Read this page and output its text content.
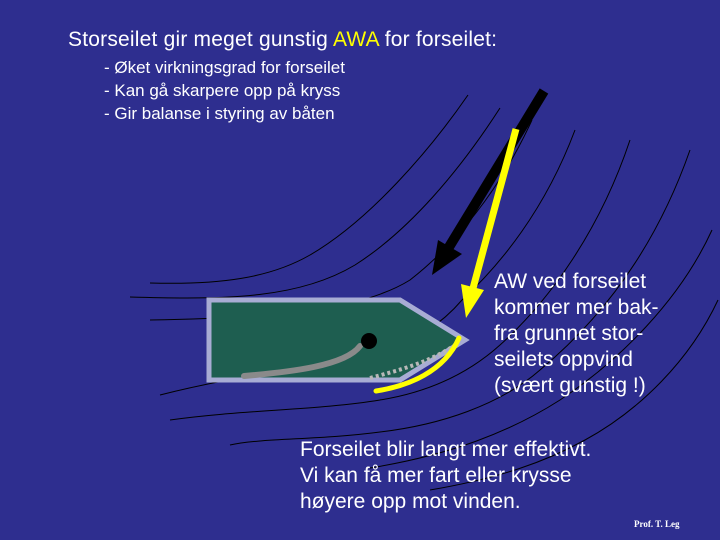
Storseilet gir meget gunstig AWA for forseilet:
- Øket virkningsgrad for forseilet
- Kan gå skarpere opp på kryss
- Gir balanse i styring av båten

AW ved forseilet
kommer mer bak-
fra grunnet stor-
seilets oppvind
(svært gunstig !)

Forseilet blir langt mer effektivt.
Vi kan få mer fart eller krysse
høyere opp mot vinden.

Prof. T. Leg
